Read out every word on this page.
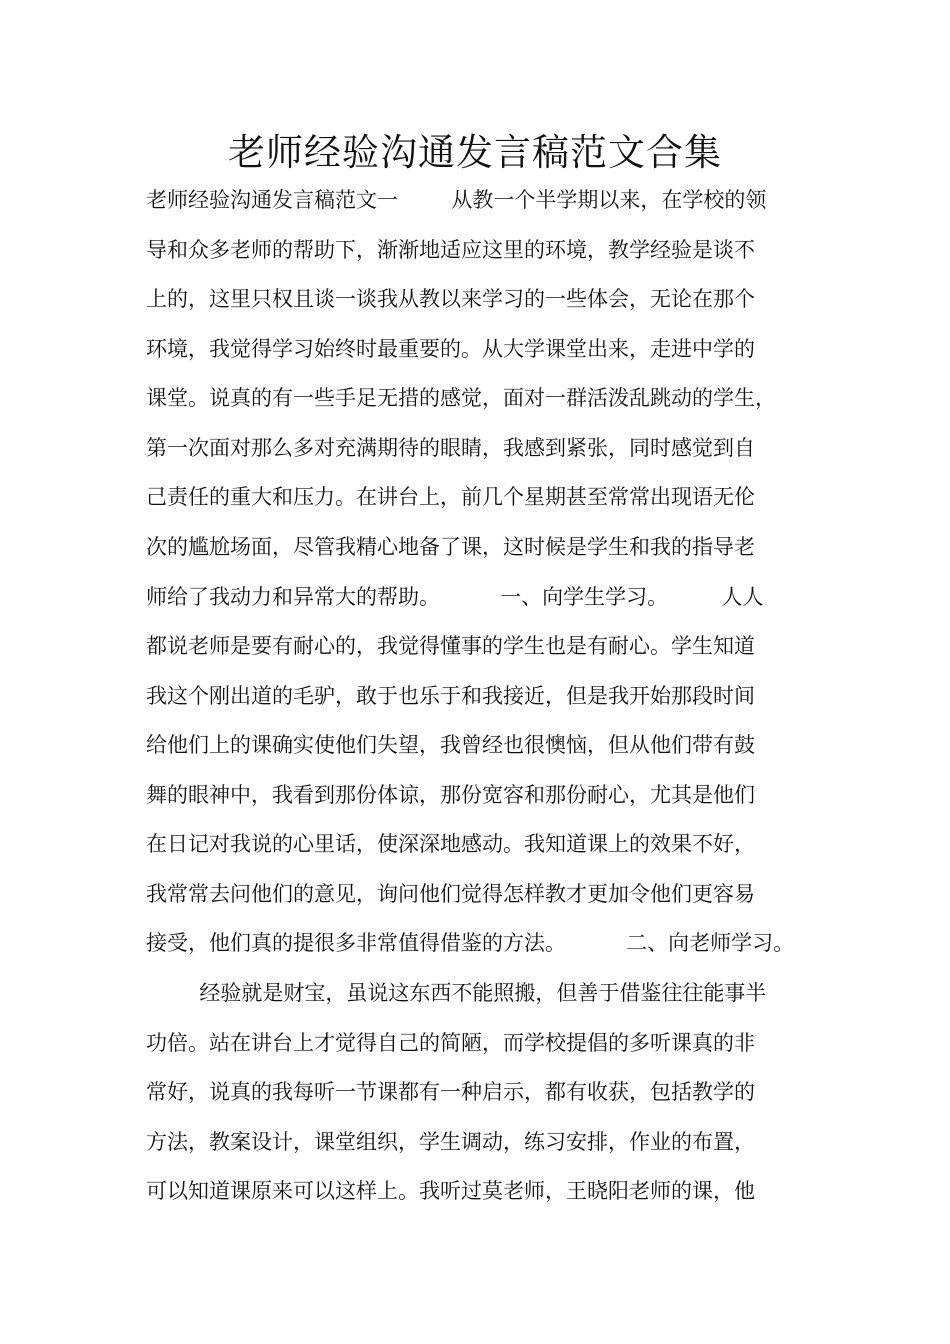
老师经验沟通发言稿范文合集
老师经验沟通发言稿范文一        从教一个半学期以来，在学校的领
导和众多老师的帮助下，渐渐地适应这里的环境，教学经验是谈不
上的，这里只权且谈一谈我从教以来学习的一些体会，无论在那个
环境，我觉得学习始终时最重要的。从大学课堂出来，走进中学的
课堂。说真的有一些手足无措的感觉，面对一群活泼乱跳动的学生，
第一次面对那么多对充满期待的眼睛，我感到紧张，同时感觉到自
己责任的重大和压力。在讲台上，前几个星期甚至常常出现语无伦
次的尴尬场面，尽管我精心地备了课，这时候是学生和我的指导老
师给了我动力和异常大的帮助。         一、向学生学习。        人人
都说老师是要有耐心的，我觉得懂事的学生也是有耐心。学生知道
我这个刚出道的毛驴，敢于也乐于和我接近，但是我开始那段时间
给他们上的课确实使他们失望，我曾经也很懊恼，但从他们带有鼓
舞的眼神中，我看到那份体谅，那份宽容和那份耐心，尤其是他们
在日记对我说的心里话，使深深地感动。我知道课上的效果不好，
我常常去问他们的意见，询问他们觉得怎样教才更加令他们更容易
接受，他们真的提很多非常值得借鉴的方法。         二、向老师学习。
经验就是财宝，虽说这东西不能照搬，但善于借鉴往往能事半
功倍。站在讲台上才觉得自己的简陋，而学校提倡的多听课真的非
常好，说真的我每听一节课都有一种启示，都有收获，包括教学的
方法，教案设计，课堂组织，学生调动，练习安排，作业的布置，
可以知道课原来可以这样上。我听过莫老师，王晓阳老师的课，他
